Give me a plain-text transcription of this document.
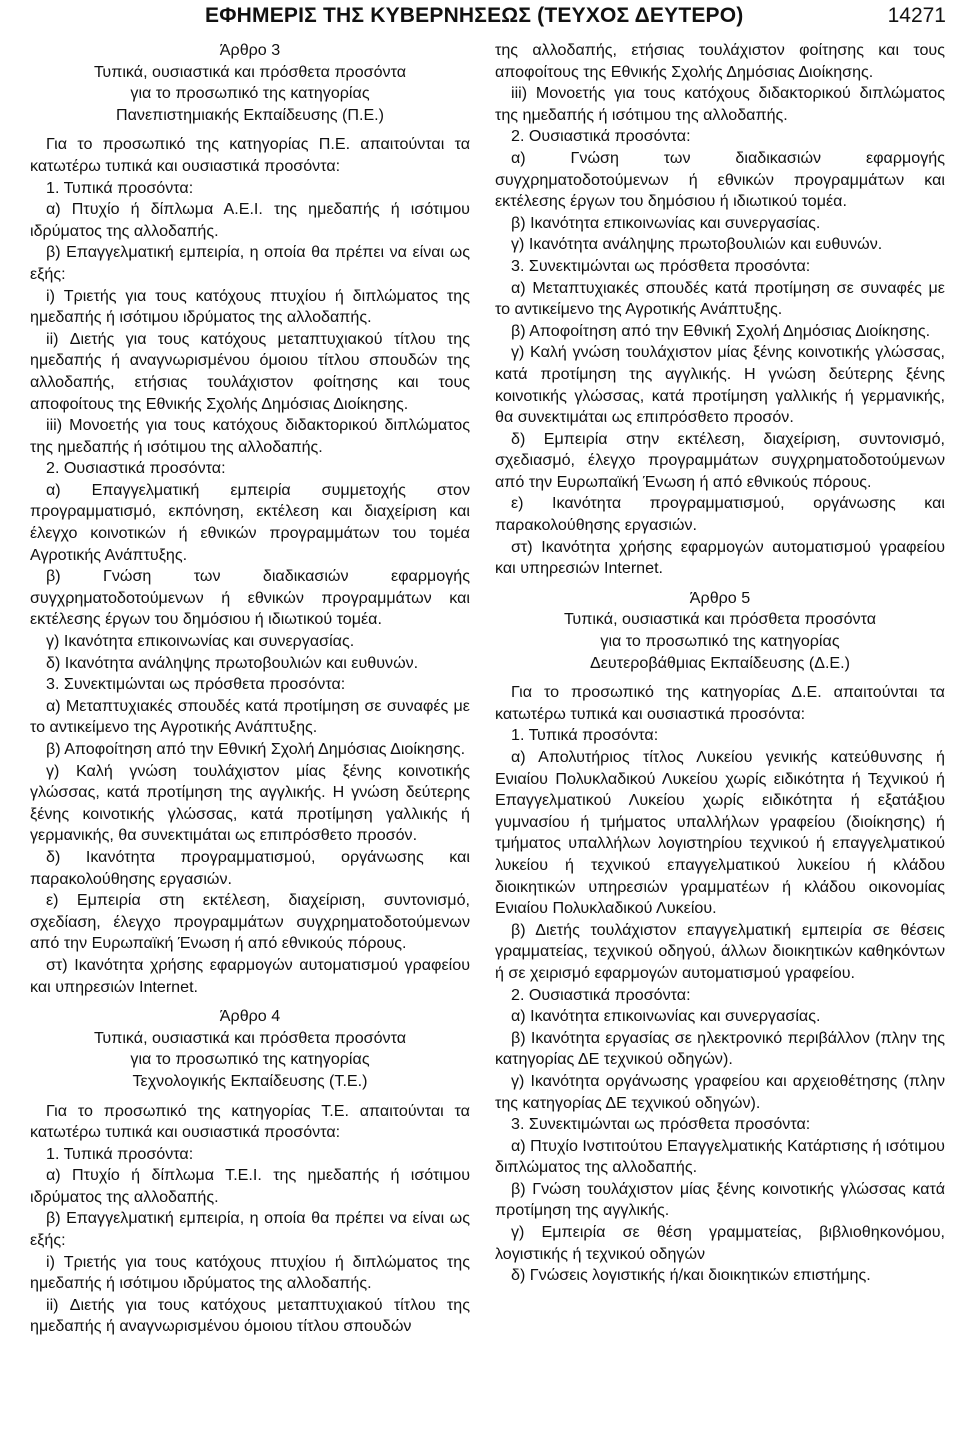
ΕΦΗΜΕΡΙΣ ΤΗΣ ΚΥΒΕΡΝΗΣΕΩΣ (ΤΕΥΧΟΣ ΔΕΥΤΕΡΟ)	14271

Άρθρο 3

Τυπικά, ουσιαστικά και πρόσθετα προσόντα

για το προσωπικό της κατηγορίας

Πανεπιστημιακής Εκπαίδευσης (Π.Ε.)

Για το προσωπικό της κατηγορίας Π.Ε. απαιτούνται τα κατωτέρω τυπικά και ουσιαστικά προσόντα:

1. Τυπικά προσόντα:

α) Πτυχίο ή δίπλωμα Α.Ε.Ι. της ημεδαπής ή ισότιμου ιδρύματος της αλλοδαπής.

β) Επαγγελματική εμπειρία, η οποία θα πρέπει να είναι ως εξής:

i) Τριετής για τους κατόχους πτυχίου ή διπλώματος της ημεδαπής ή ισότιμου ιδρύματος της αλλοδαπής.

ii) Διετής για τους κατόχους μεταπτυχιακού τίτλου της ημεδαπής ή αναγνωρισμένου όμοιου τίτλου σπουδών της αλλοδαπής, ετήσιας τουλάχιστον φοίτησης και τους αποφοίτους της Εθνικής Σχολής Δημόσιας Διοίκησης.

iii) Μονοετής για τους κατόχους διδακτορικού διπλώματος της ημεδαπής ή ισότιμου της αλλοδαπής.

2. Ουσιαστικά προσόντα:

α) Επαγγελματική εμπειρία συμμετοχής στον προγραμματισμό, εκπόνηση, εκτέλεση και διαχείριση και έλεγχο κοινοτικών ή εθνικών προγραμμάτων του τομέα Αγροτικής Ανάπτυξης.

β) Γνώση των διαδικασιών εφαρμογής συγχρηματοδοτούμενων ή εθνικών προγραμμάτων και εκτέλεσης έργων του δημόσιου ή ιδιωτικού τομέα.

γ) Ικανότητα επικοινωνίας και συνεργασίας.

δ) Ικανότητα ανάληψης πρωτοβουλιών και ευθυνών.

3. Συνεκτιμώνται ως πρόσθετα προσόντα:

α) Μεταπτυχιακές σπουδές κατά προτίμηση σε συναφές με το αντικείμενο της Αγροτικής Ανάπτυξης.

β) Αποφοίτηση από την Εθνική Σχολή Δημόσιας Διοίκησης.

γ) Καλή γνώση τουλάχιστον μίας ξένης κοινοτικής γλώσσας, κατά προτίμηση της αγγλικής. Η γνώση δεύτερης ξένης κοινοτικής γλώσσας, κατά προτίμηση γαλλικής ή γερμανικής, θα συνεκτιμάται ως επιπρόσθετο προσόν.

δ) Ικανότητα προγραμματισμού, οργάνωσης και παρακολούθησης εργασιών.

ε) Εμπειρία στη εκτέλεση, διαχείριση, συντονισμό, σχεδίαση, έλεγχο προγραμμάτων συγχρηματοδοτούμενων από την Ευρωπαϊκή Ένωση ή από εθνικούς πόρους.

στ) Ικανότητα χρήσης εφαρμογών αυτοματισμού γραφείου και υπηρεσιών Internet.

Άρθρο 4

Τυπικά, ουσιαστικά και πρόσθετα προσόντα

για το προσωπικό της κατηγορίας

Τεχνολογικής Εκπαίδευσης (Τ.Ε.)

Για το προσωπικό της κατηγορίας Τ.Ε. απαιτούνται τα κατωτέρω τυπικά και ουσιαστικά προσόντα:

1. Τυπικά προσόντα:

α) Πτυχίο ή δίπλωμα Τ.Ε.Ι. της ημεδαπής ή ισότιμου ιδρύματος της αλλοδαπής.

β) Επαγγελματική εμπειρία, η οποία θα πρέπει να είναι ως εξής:

i) Τριετής για τους κατόχους πτυχίου ή διπλώματος της ημεδαπής ή ισότιμου ιδρύματος της αλλοδαπής.

ii) Διετής για τους κατόχους μεταπτυχιακού τίτλου της ημεδαπής ή αναγνωρισμένου όμοιου τίτλου σπουδών

της αλλοδαπής, ετήσιας τουλάχιστον φοίτησης και τους αποφοίτους της Εθνικής Σχολής Δημόσιας Διοίκησης.

iii) Μονοετής για τους κατόχους διδακτορικού διπλώματος της ημεδαπής ή ισότιμου της αλλοδαπής.

2. Ουσιαστικά προσόντα:

α) Γνώση των διαδικασιών εφαρμογής συγχρηματοδοτούμενων ή εθνικών προγραμμάτων και εκτέλεσης έργων του δημόσιου ή ιδιωτικού τομέα.

β) Ικανότητα επικοινωνίας και συνεργασίας.

γ) Ικανότητα ανάληψης πρωτοβουλιών και ευθυνών.

3. Συνεκτιμώνται ως πρόσθετα προσόντα:

α) Μεταπτυχιακές σπουδές κατά προτίμηση σε συναφές με το αντικείμενο της Αγροτικής Ανάπτυξης.

β) Αποφοίτηση από την Εθνική Σχολή Δημόσιας Διοίκησης.

γ) Καλή γνώση τουλάχιστον μίας ξένης κοινοτικής γλώσσας, κατά προτίμηση της αγγλικής. Η γνώση δεύτερης ξένης κοινοτικής γλώσσας, κατά προτίμηση γαλλικής ή γερμανικής, θα συνεκτιμάται ως επιπρόσθετο προσόν.

δ) Εμπειρία στην εκτέλεση, διαχείριση, συντονισμό, σχεδιασμό, έλεγχο προγραμμάτων συγχρηματοδοτούμενων από την Ευρωπαϊκή Ένωση ή από εθνικούς πόρους.

ε) Ικανότητα προγραμματισμού, οργάνωσης και παρακολούθησης εργασιών.

στ) Ικανότητα χρήσης εφαρμογών αυτοματισμού γραφείου και υπηρεσιών Internet.

Άρθρο 5

Τυπικά, ουσιαστικά και πρόσθετα προσόντα

για το προσωπικό της κατηγορίας

Δευτεροβάθμιας Εκπαίδευσης (Δ.Ε.)

Για το προσωπικό της κατηγορίας Δ.Ε. απαιτούνται τα κατωτέρω τυπικά και ουσιαστικά προσόντα:

1. Τυπικά προσόντα:

α) Απολυτήριος τίτλος Λυκείου γενικής κατεύθυνσης ή Ενιαίου Πολυκλαδικού Λυκείου χωρίς ειδικότητα ή Τεχνικού ή Επαγγελματικού Λυκείου χωρίς ειδικότητα ή εξατάξιου γυμνασίου ή τμήματος υπαλλήλων γραφείου (διοίκησης) ή τμήματος υπαλλήλων λογιστηρίου τεχνικού ή επαγγελματικού λυκείου ή τεχνικού επαγγελματικού λυκείου ή κλάδου διοικητικών υπηρεσιών γραμματέων ή κλάδου οικονομίας Ενιαίου Πολυκλαδικού Λυκείου.

β) Διετής τουλάχιστον επαγγελματική εμπειρία σε θέσεις γραμματείας, τεχνικού οδηγού, άλλων διοικητικών καθηκόντων ή σε χειρισμό εφαρμογών αυτοματισμού γραφείου.

2. Ουσιαστικά προσόντα:

α) Ικανότητα επικοινωνίας και συνεργασίας.

β) Ικανότητα εργασίας σε ηλεκτρονικό περιβάλλον (πλην της κατηγορίας ΔΕ τεχνικού οδηγών).

γ) Ικανότητα οργάνωσης γραφείου και αρχειοθέτησης (πλην της κατηγορίας ΔΕ τεχνικού οδηγών).

3. Συνεκτιμώνται ως πρόσθετα προσόντα:

α) Πτυχίο Ινστιτούτου Επαγγελματικής Κατάρτισης ή ισότιμου διπλώματος της αλλοδαπής.

β) Γνώση τουλάχιστον μίας ξένης κοινοτικής γλώσσας κατά προτίμηση της αγγλικής.

γ) Εμπειρία σε θέση γραμματείας, βιβλιοθηκονόμου, λογιστικής ή τεχνικού οδηγών

δ) Γνώσεις λογιστικής ή/και διοικητικών επιστήμης.
